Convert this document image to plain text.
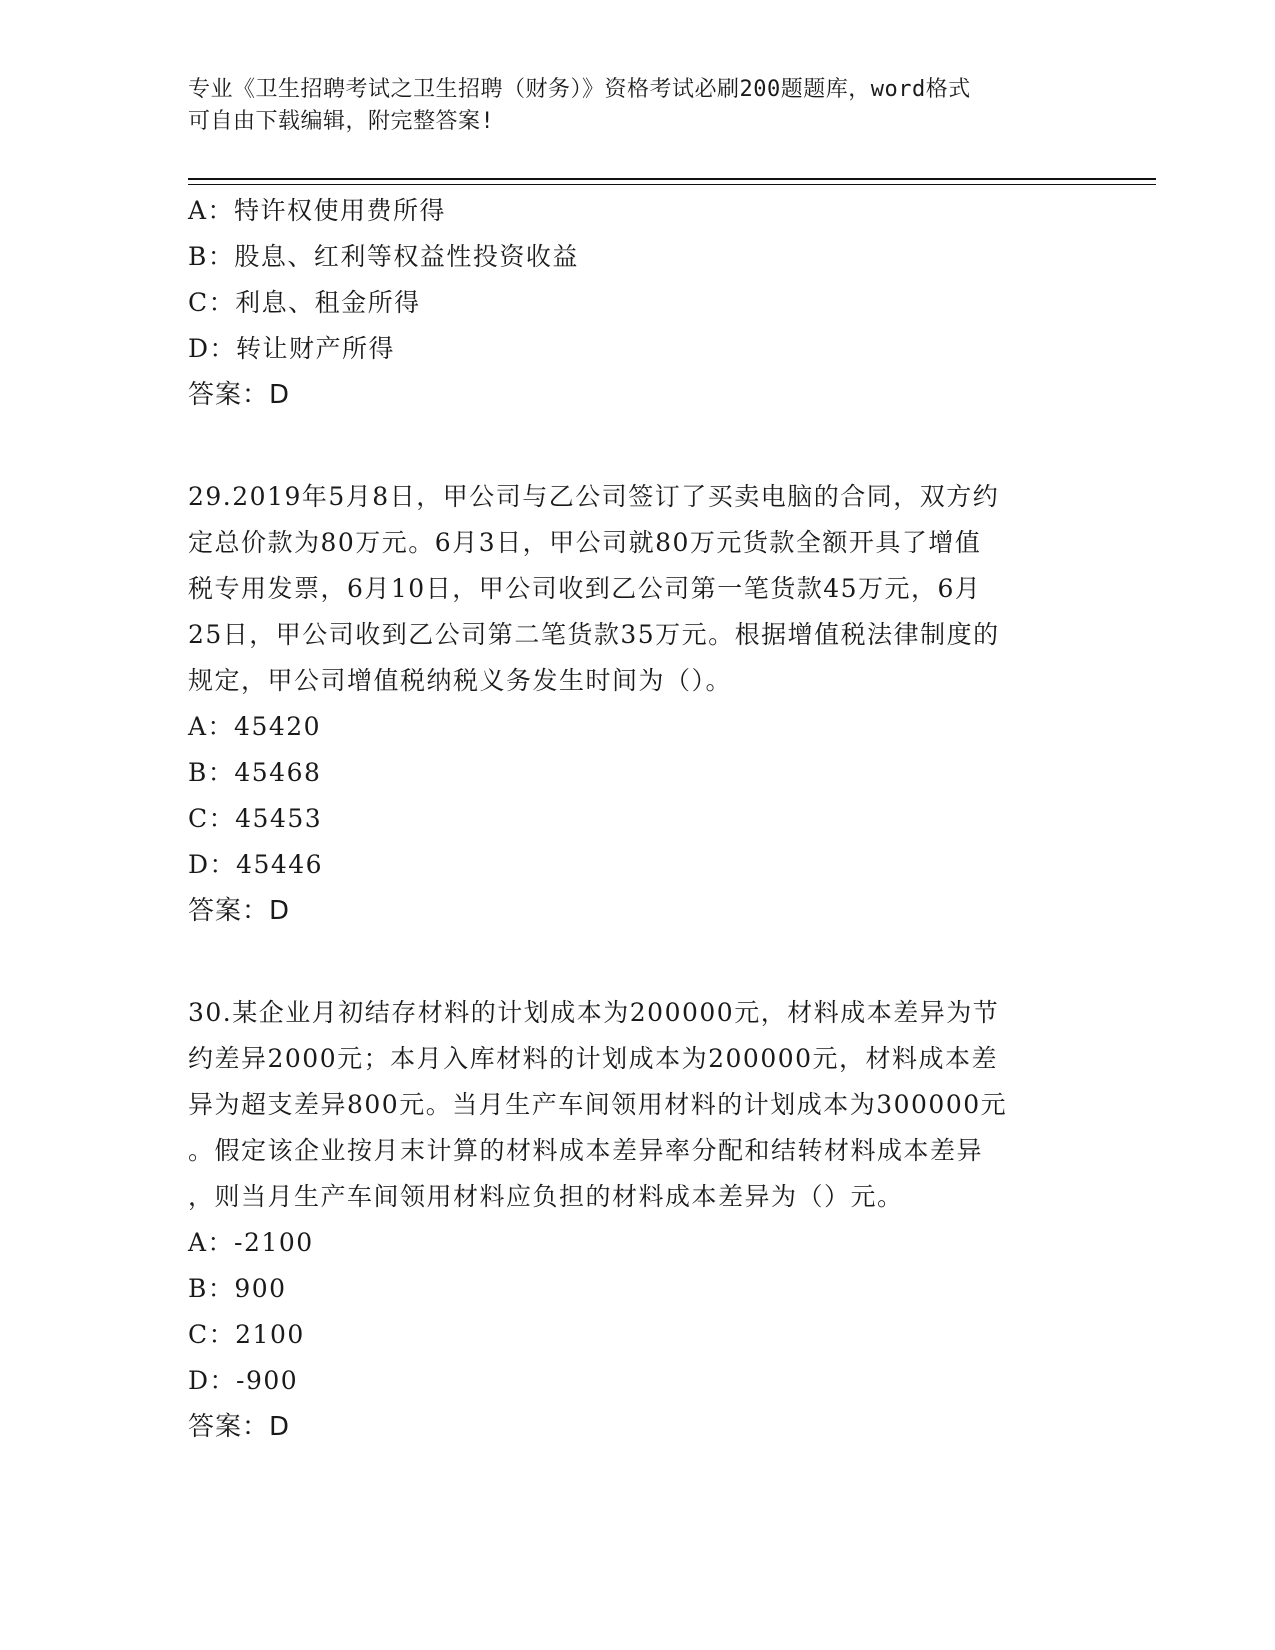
专业《卫生招聘考试之卫生招聘（财务）》资格考试必刷200题题库，word格式
可自由下载编辑，附完整答案!
A：特许权使用费所得
B：股息、红利等权益性投资收益
C：利息、租金所得
D：转让财产所得
答案：D
29.2019年5月8日，甲公司与乙公司签订了买卖电脑的合同，双方约
定总价款为80万元。6月3日，甲公司就80万元货款全额开具了增值
税专用发票，6月10日，甲公司收到乙公司第一笔货款45万元，6月
25日，甲公司收到乙公司第二笔货款35万元。根据增值税法律制度的
规定，甲公司增值税纳税义务发生时间为（）。
A：45420
B：45468
C：45453
D：45446
答案：D
30.某企业月初结存材料的计划成本为200000元，材料成本差异为节
约差异2000元；本月入库材料的计划成本为200000元，材料成本差
异为超支差异800元。当月生产车间领用材料的计划成本为300000元
。假定该企业按月末计算的材料成本差异率分配和结转材料成本差异
，则当月生产车间领用材料应负担的材料成本差异为（）元。
A：-2100
B：900
C：2100
D：-900
答案：D
